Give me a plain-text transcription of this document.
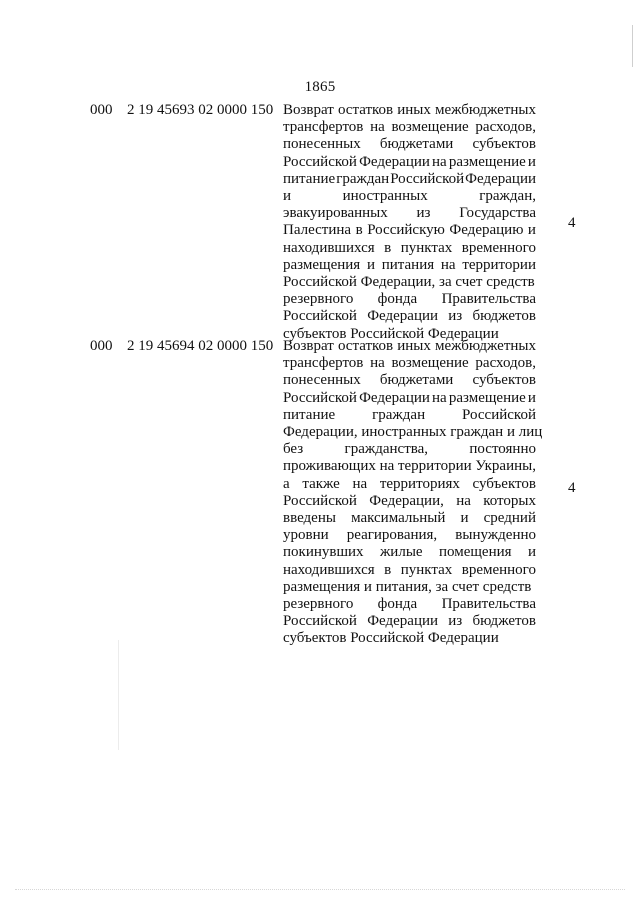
1865
000 2 19 45693 02 0000 150 Возврат остатков иных межбюджетных
трансфертов на возмещение расходов,
понесенных бюджетами субъектов
Российской Федерации на размещение и
питание граждан Российской Федерации
и	иностранных	граждан,
эвакуированных из Государства
Палестина в Российскую Федерацию и
находившихся в пунктах временного
размещения и питания на территории
Российской Федерации, за счет средств
резервного фонда Правительства
Российской Федерации из бюджетов
субъектов Российской Федерации
4
000 2 19 45694 02 0000 150 Возврат остатков иных межбюджетных
трансфертов на возмещение расходов,
понесенных бюджетами субъектов
Российской Федерации на размещение и
питание граждан Российской
Федерации, иностранных граждан и лиц
без	гражданства,	постоянно
проживающих на территории Украины,
а также на территориях субъектов
Российской Федерации, на которых
введены максимальный и средний
уровни реагирования, вынужденно
покинувших жилые помещения и
находившихся в пунктах временного
размещения и питания, за счет средств
резервного фонда Правительства
Российской Федерации из бюджетов
субъектов Российской Федерации
4
